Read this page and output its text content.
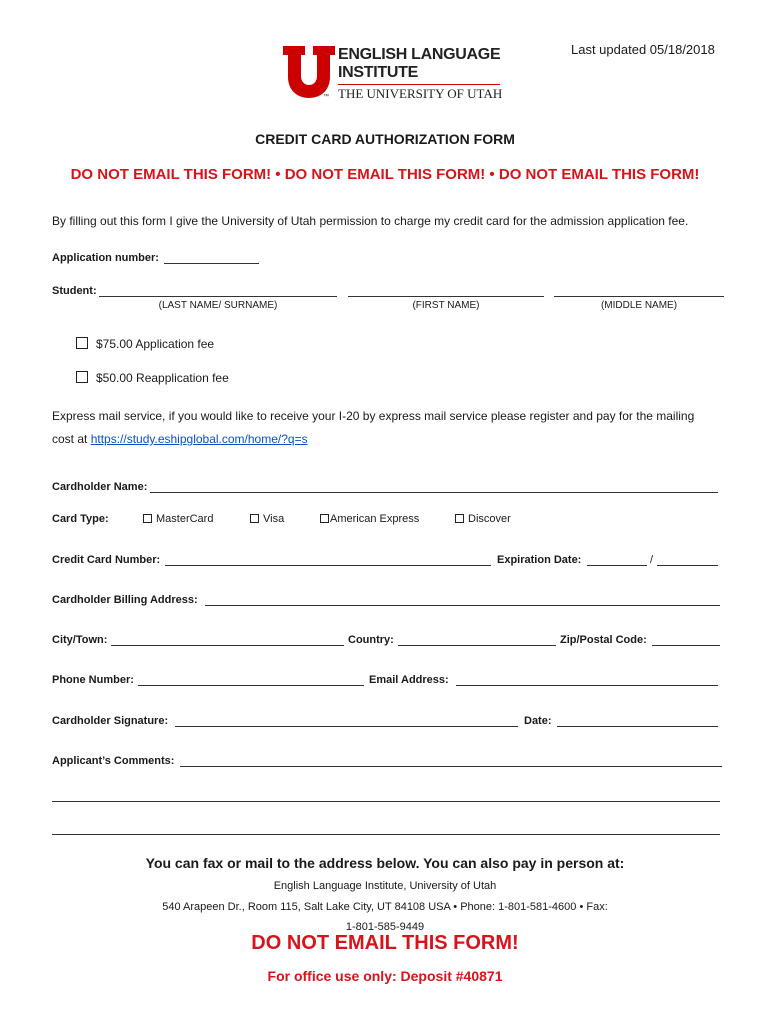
Last updated 05/18/2018
ENGLISH LANGUAGE
INSTITUTE
THE UNIVERSITY OF UTAH
™
CREDIT CARD AUTHORIZATION FORM
DO NOT EMAIL THIS FORM! • DO NOT EMAIL THIS FORM! • DO NOT EMAIL THIS FORM!
By filling out this form I give the University of Utah permission to charge my credit card for the admission application fee.
Application number:
Student:
(LAST NAME/ SURNAME)	(FIRST NAME)	(MIDDLE NAME)
$75.00 Application fee
$50.00 Reapplication fee
Express mail service, if you would like to receive your I-20 by express mail service please register and pay for the mailing
cost at https://study.eshipglobal.com/home/?q=s
Cardholder Name:
Card Type:	MasterCard	Visa	American Express	Discover
Credit Card Number:	Expiration Date:	/
Cardholder Billing Address:
City/Town:	Country:	Zip/Postal Code:
Phone Number:	Email Address:
Cardholder Signature:	Date:
Applicant’s Comments:
You can fax or mail to the address below. You can also pay in person at:
English Language Institute, University of Utah
540 Arapeen Dr., Room 115, Salt Lake City, UT 84108 USA • Phone: 1-801-581-4600 • Fax:
1-801-585-9449
DO NOT EMAIL THIS FORM!
For office use only: Deposit #40871
